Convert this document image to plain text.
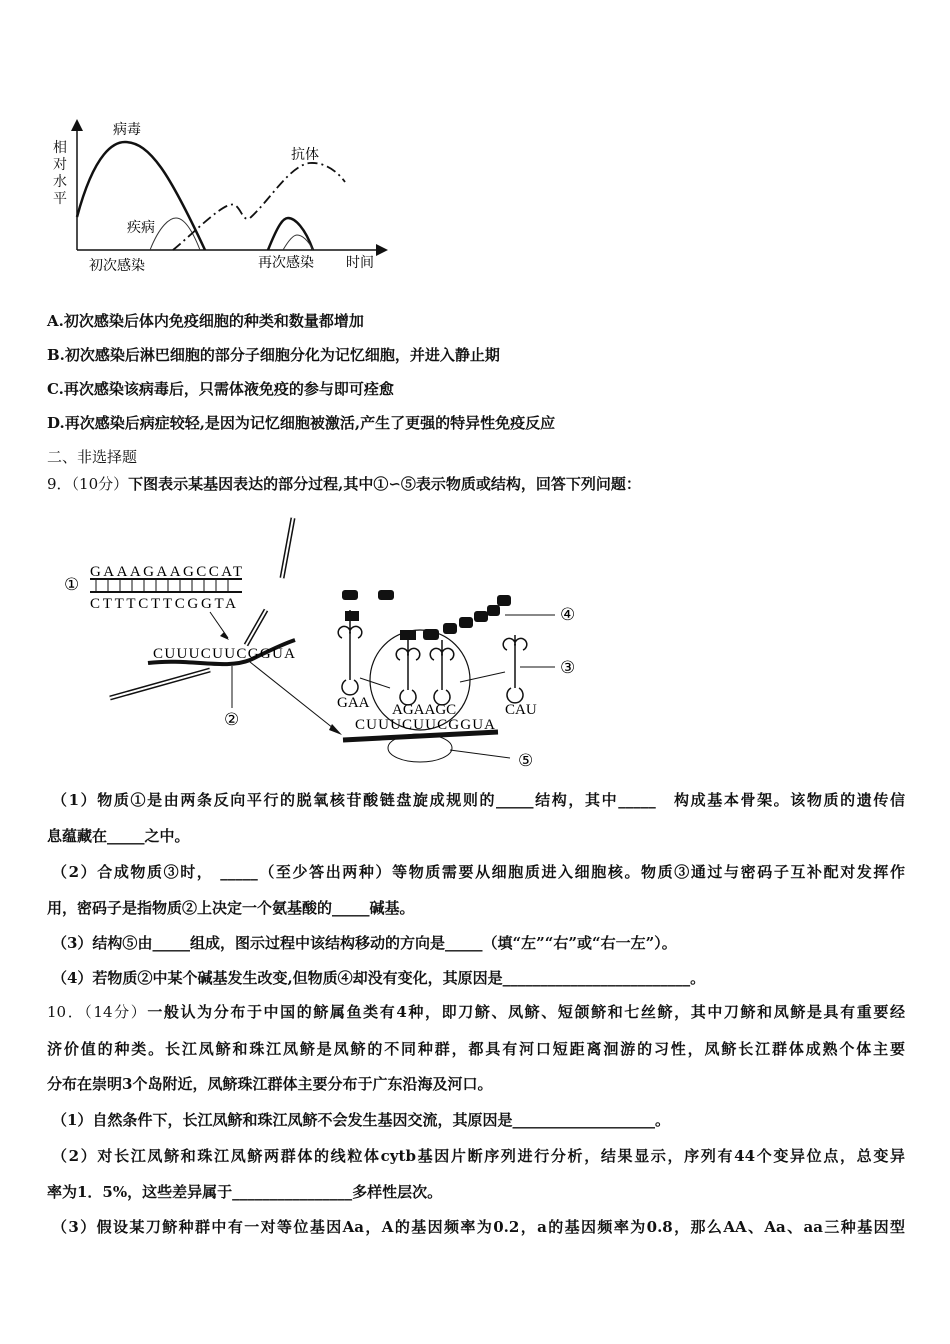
病毒
抗体
疾病
初次感染	再次感染 时间
相对水平
A.初次感染后体内免疫细胞的种类和数量都增加
B.初次感染后淋巴细胞的部分子细胞分化为记忆细胞，并进入静止期
C.再次感染该病毒后，只需体液免疫的参与即可痊愈
D.再次感染后病症较轻,是因为记忆细胞被激活,产生了更强的特异性免疫反应
二、非选择题
9．（10分）下图表示某基因表达的部分过程,其中①∽⑤表示物质或结构，回答下列问题：
GAAAGAAGCCAT
CTTTCTTCGGTA
①
CUUUCUUCGGUA
②	CUUUCUUCGGUA
④
③
⑤
GAA AGAAGC	CAU
（1）物质①是由两条反向平行的脱氧核苷酸链盘旋成规则的_____结构，其中_____　构成基本骨架。该物质的遗传信
息蕴藏在_____之中。
（2）合成物质③时， _____（至少答出两种）等物质需要从细胞质进入细胞核。物质③通过与密码子互补配对发挥作
用，密码子是指物质②上决定一个氨基酸的_____碱基。
（3）结构⑤由_____组成，图示过程中该结构移动的方向是_____（填“左”“右”或“右一左”）。
（4）若物质②中某个碱基发生改变,但物质④却没有变化，其原因是_________________________。
10．（14分）一般认为分布于中国的鲚属鱼类有4种，即刀鲚、凤鲚、短颌鲚和七丝鲚，其中刀鲚和凤鲚是具有重要经
济价值的种类。长江凤鲚和珠江凤鲚是凤鲚的不同种群，都具有河口短距离洄游的习性，凤鲚长江群体成熟个体主要
分布在崇明3个岛附近，凤鲚珠江群体主要分布于广东沿海及河口。
（1）自然条件下，长江凤鲚和珠江凤鲚不会发生基因交流，其原因是___________________。
（2）对长江凤鲚和珠江凤鲚两群体的线粒体cytb基因片断序列进行分析，结果显示，序列有44个变异位点，总变异
率为1．5%，这些差异属于________________多样性层次。
（3）假设某刀鲚种群中有一对等位基因Aa，A的基因频率为0.2，a的基因频率为0.8，那么AA、Aa、aa三种基因型
